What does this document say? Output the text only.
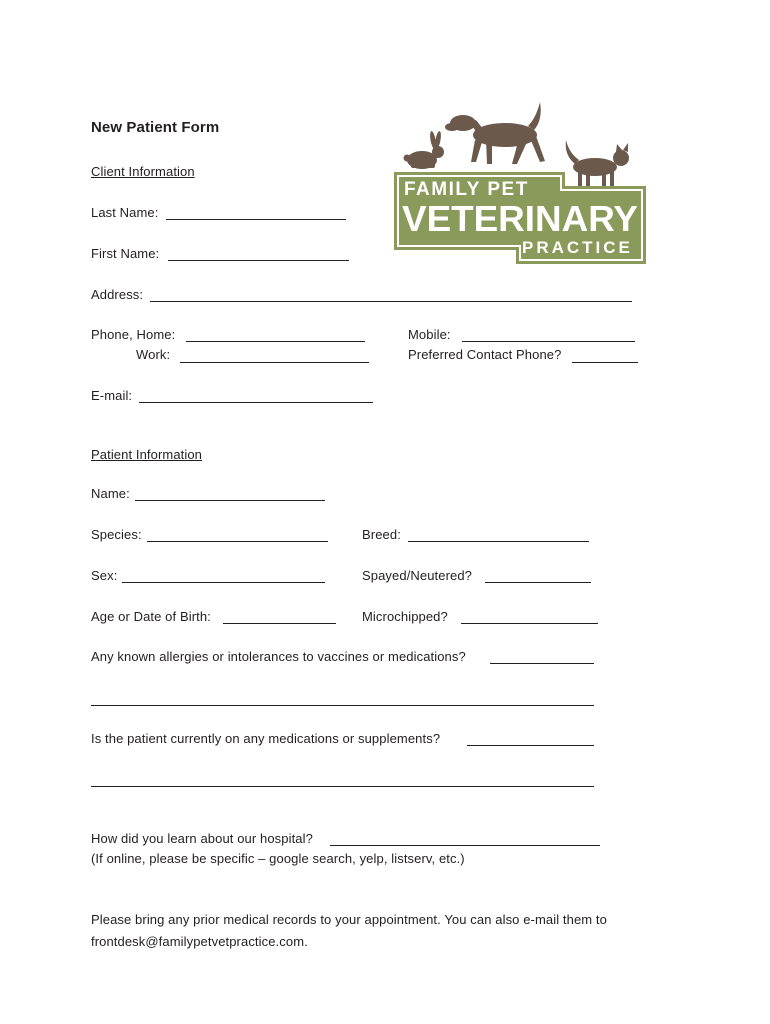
New Patient Form
FAMILY PET
VETERINARY
PRACTICE
Client Information
Last Name:
First Name:
Address:
Phone, Home:
Work:
Mobile:
Preferred Contact Phone?
E-mail:
Patient Information
Name:
Species:	Breed:
Sex:	Spayed/Neutered?
Age or Date of Birth:	Microchipped?
Any known allergies or intolerances to vaccines or medications?
Is the patient currently on any medications or supplements?
How did you learn about our hospital?
(If online, please be specific – google search, yelp, listserv, etc.)
Please bring any prior medical records to your appointment. You can also e-mail them to
frontdesk@familypetvetpractice.com.
